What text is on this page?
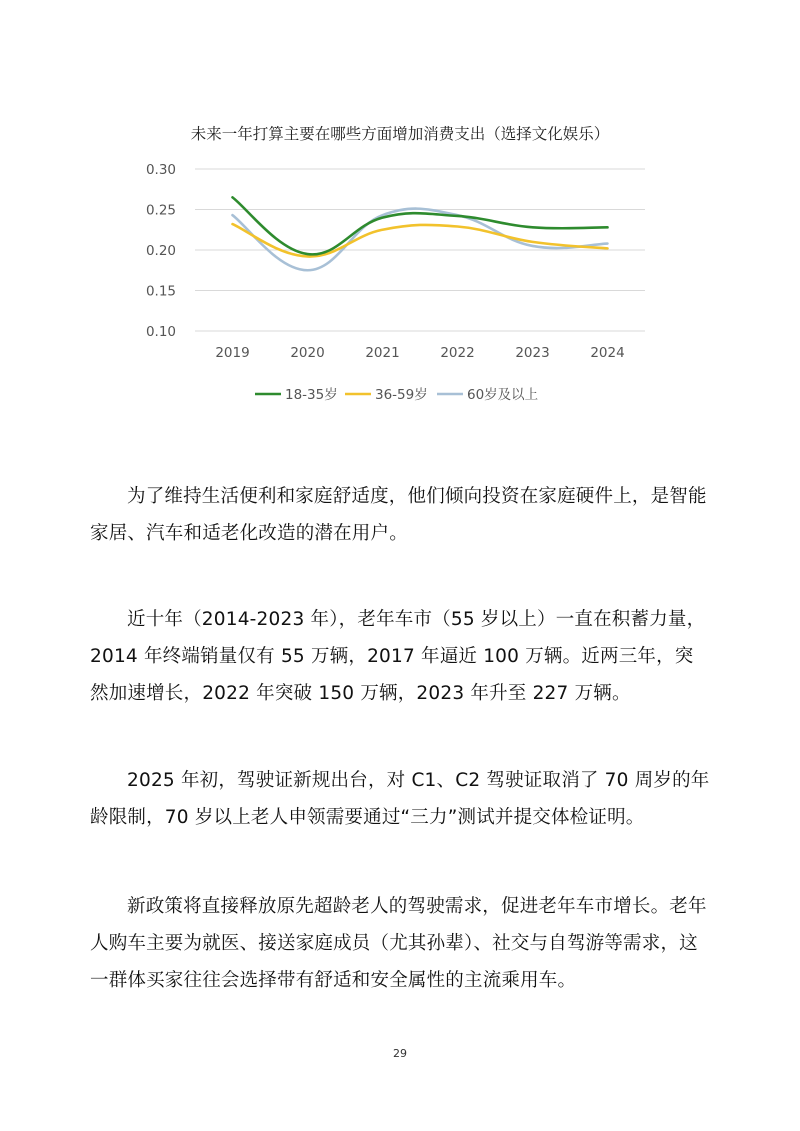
未来一年打算主要在哪些方面增加消费支出（选择文化娱乐）
0.30
0.25
0.20
0.15
0.10
2019	2020	2021	2022	2023	2024
18-35岁	36-59岁	60岁及以上

为了维持生活便利和家庭舒适度，他们倾向投资在家庭硬件上，是智能家居、汽车和适老化改造的潜在用户。

近十年（2014-2023 年），老年车市（55 岁以上）一直在积蓄力量，2014 年终端销量仅有 55 万辆，2017 年逼近 100 万辆。近两三年，突然加速增长，2022 年突破 150 万辆，2023 年升至 227 万辆。

2025 年初，驾驶证新规出台，对 C1、C2 驾驶证取消了 70 周岁的年龄限制，70 岁以上老人申领需要通过“三力”测试并提交体检证明。

新政策将直接释放原先超龄老人的驾驶需求，促进老年车市增长。老年人购车主要为就医、接送家庭成员（尤其孙辈）、社交与自驾游等需求，这一群体买家往往会选择带有舒适和安全属性的主流乘用车。

29
